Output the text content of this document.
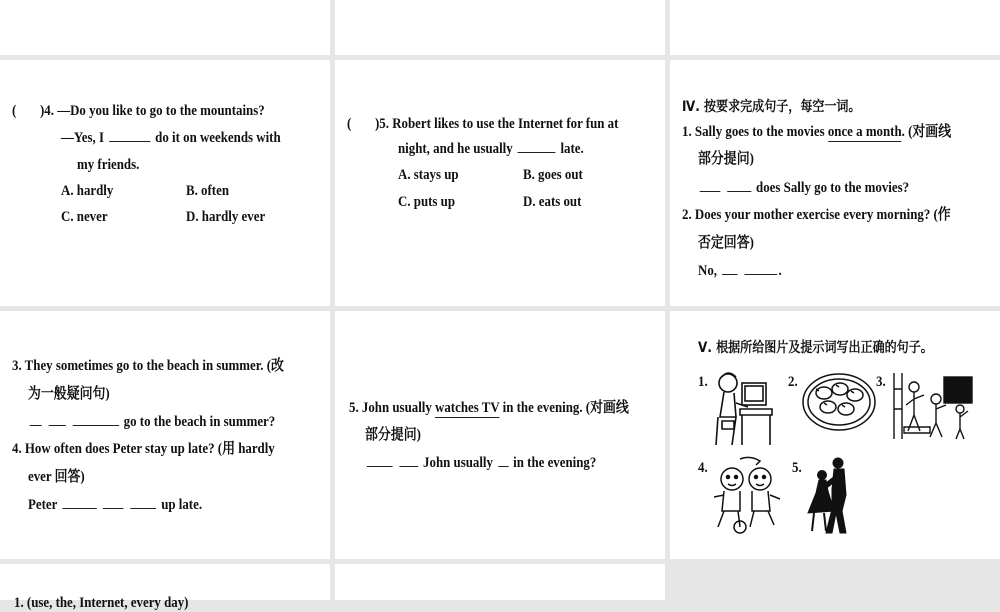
( )4. —Do you like to go to the mountains?
—Yes, I	do it on weekends with
my friends.
A. hardly	B. often
C. never	D. hardly ever
( )5. Robert likes to use the Internet for fun at
night, and he usually	late.
A. stays up	B. goes out
C. puts up	D. eats out
Ⅳ. 按要求完成句子，每空一词。
1. Sally goes to the movies once a month. (对画线
部分提问)
does Sally go to the movies?
2. Does your mother exercise every morning? (作
否定回答)
No,	.
3. They sometimes go to the beach in summer. (改
为一般疑问句)
go to the beach in summer?
4. How often does Peter stay up late? (用 hardly
ever 回答)
Peter	up late.
5. John usually watches TV in the evening. (对画线
部分提问)
John usually in the evening?
Ⅴ. 根据所给图片及提示词写出正确的句子。
1.	2.	3.
4.	5.
1. (use, the, Internet, every day)
